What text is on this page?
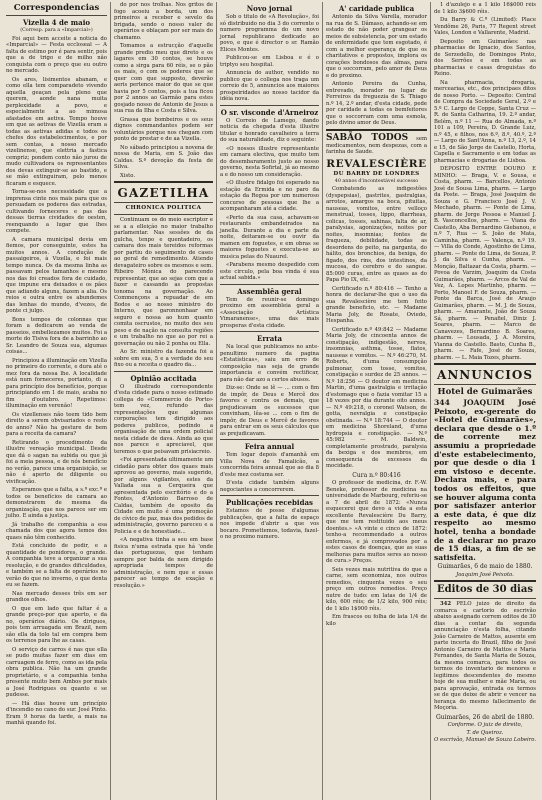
Correspondencias
Vizella 4 de maio
(Corresp. para a «Imparcial»)

Foi aqui bem acceite a noticia do «Imparcial» — Festa eccloseal — A falta de estimo por é para sentir, pois que a de trigo e de milho não conquista com o preço que eu outro no mercado.

Os ares, lisimentos abanam, e como ella tem comparadeto vivendo aquella geaçan pela pleno que querem, aonde nana muita perplexidade a povo, e especialmente a ao mimosa afastados em aetiva. Tempo houve em que as aetivas de Vizella eram a todas as aetivas adidas e todos os chefes dos estabelecimentos, e por sem contas, a nosso mercado vizelinense, que elettria a fastica cempriz; pondem conto não jurou de mudo cultivadora os representantes dos devas extinguir-se ao bastido, e se mão extinguiram, pelo menos ficaram e esquece.

Torna-se-nos necessidade que a imprensa cinte nos mais para que os persuadam os poderes das estradas, cultivando forneceres e pas das dessas tierras cividades de oesten, reenquando a lugar que lhes compete.

A camara municipal devia em fiemos, por conseguinte, estes ha muitos annos. A condução de passaigeiros, à Vizella, e foi mais tempo nunca. Os da mesma linha as passavam pelos tamanhos e mesmo nos das foi creados fora de cuidado, que impune era deixados e os pães que adiando alguns, fazem a alia. Os reios e outra entre os abundemes das lenhas do mundo, d'vezes, de ponte ci julgo.

Bons tempos de colonnas que foram a dedicarem ao venda de passeios, embellezamos muitos. Foi a morte do Tisiva fora de a barrinho ao Sr. Leandro de Souza sua, algumas coisas...

Principiou a illuminação em Vizella no primeiro do corrente, e dura até o mez fora da nossa lhe. A localidade está num forneceres, portanto, di a para princípio dos benefícios, porque principiando em 1 de maio, acaba no fim d'outubro. Repetimos: illuminação em verenão!

Os vizellenses não teem tido bem direito a serem obvisariados o resto do anno? Não ha gesture de bem para a receita da camara?

Retirando o procedimento da illustre vereação municipal. Desde que dá o sagan na subida ou que já foi a meia pessoa, e de nós benefício no verão, parece uma organisição, se não é aperto de diligente ou vivificação.

Esperamos que a falta, a s.ª exc.ª e todos os benefícios de camara ao demonstrarem de mesma da organização, que nos parece ser em julho. E ainda a justiça.

Já trabalho de companhia a esa chamada dos que agora temos dos quaes não têm conhecido.

Está concluido de pedir, e a quantidade de ponidores, o grande. A companhia teve a organizar a sua resolução, e de grandes dificuldades, e também se a falta de operários no verão do que no inverno, o que denta eu se fazem.

Nas mercado desses três em ser grandios olhos.

O que em lado que faltar é a grande preço-por que aperto, e da no, operários diário. Os diriguos, pois tem arruagada em Brazil, nem são ella da tolo tal em compra bem os terrenos para lhe as casas.

O serviço de carros é nas que ella se pudo muitas fazer em dias em carruagem de ferro, como as ida pela obra publica. Não ha um grande proprietário, e a companhia tenha presente muito bem Ambos por mais a José Rodrigues ou quanto e se pudesse.

— Há dias houve um princípio d'incendio no cano do sur. José Pinto. Eram 9 horas da tarde, a mais na manhã quando foi.

do por nos trolhas. Nos gritos de fogo acoeiu a borda, um dos primeiros a receber e sevelo da brigada, sendo o nosso valer de operários e oblaçam por ser mais do chamamo.

Tomamos a estrucção d'aquelle grande predio meu que direto e os lagares em 30 contos, se houve como a sirga para 60 réis, se o pão os mais, o com os poderes que se quer com que supposto, deverão aeris pertence maior do que se que havia por 5 contos, pois a tua ficou por 2 annos ao Garmão para estes gosjado nosso de Antonio de Jesus a sua rua da Ilha e Costa e Silva.

Grassa que bombeiros e os seus dignos commandantes podem ser voluntários porque nos chegam com ponto de prestar e de aa Vizella.

No sábado principiou a novena de nossa de Maria, em S. João das Caldas. S.º devoção da festa de Silva.

Xisto.

GAZETILHA
CHRONICA POLITICA

Continuam os do meio escriptor e se a a elleiçáo no maior trabalho parlamentar. Nas sessões de da gulcha, tenpo e quentadeiro, os camara dos mais tereidos reformas por partiu do seguimento de cases ao geral de remedimento. Atiendo devagateiro sobre os mesmos e sem. Ribeiro Mónica do parecendo representar, que ao sejas com que a fazer e cassando as propostas tonoma na governação. Ao Commençons a repuadar de em Bodos e ao nosso ministro do Interno, que garonnonhaar em seguro e nossa ao hum quanto comita oscrustos, no muito des seu peso e de nação na consulta regiões e um trabalho no que ao por rei a governação ou não 2 ponha ou Ella.

Ao Sr. ministro da fazenda foi a sobre em sua, 5 e a verdade do seu fixo ou a receita o quadro da...

Opinião accitada

O illustrado correspondente d'esta cidade para o nosso estimado collega do «Commercio do Porto» tem vez, refundo das representações que algumas corporações tem dirigido aos poderes publicos, pedindo a organisação de uma ordem policial nesta cidade de dava. Ainda ao que nos parece e apreciavel, que teremos o que peisavam prisiacreio.

«Foi apresentada ultimamente um cidadão para obter dos quaes mais aprovou ao governo, mais sugerido, por alguns vigilantes, estes da Vallada sua a Cerqueira que apresentada pelo escritório e do a Fontes, d'Antonio Barroso de Caldas, também de oposito da Cidade em muito é uma promoção de cívico de paz, mas dos pedidos de administração, governo pareceu e a Policia e e de honestiade...

«A negativa tinha a seu em base fisica n'uma estrada que há 'onde das portuguezas, que tenham sempre por balda de nem dirigido apropriada tempos de administração, e nem que e essas parecer ao tempo de exação e resolução.»

Novo jornal

Sob o titulo de «A Revolução», foi só distribuido no dia 3 do corrente o numero programma do um novo jornal republicano dedicado ao povo, e que é director o sr. Ramão Elices Montes.

Publicou-se em Lisboa e é o triptyo seu hospital.

Annuncia do author, vendido no publico que o collega nos traga um correio de 5, annuncios aos maiores prospeiridades ao nosso tacidor da idéia nova.

O sr. visconde d'Arneiroz

O Correio de Lamego, dando noticia da chegada d'esta illustre titular e honrado cavalheiro a terra do sua naturalidade, diz o seguinte:

«O nossos illustre representante em camara electiva, que muito tem do desembaramento justo ao nosso governo, nesta Sofirtal, já ao mesmo a e do nosso um consideração.

«O illustre fidalgo foi esperado na estação da Ermida e no paro da estação da Regoa por um numeroso concurso de pessoas que lhe a acompanharam até a cidade.

«Perto da sua casa, achavam-se restaurants embandeirados na janella. Durante a dia e parte da noite, deitaram-se ou ouvir da mamen em foguetes, e em obras se maiores foguetes e executa-se ao musica pelas do Nuaurel.

«Parabens mesmo despedido com este circulo, pela boa vinda é sua actual sabida.»

Assemblêa geral

Tem de reunir-se domingo proximo em assembleia geral a «Associação Artística Vimaranense», uma das mais prosperas d'esta cidade.

Errata

Na local que publicamos no ante-penultimo numero da pagina «Estatísticas», saiu um erro de composição nas seja de grande importancia e convém rectificar, para não dar azo a certos abusos.

Diz-se: Onde se lê — ... com o fim de impôr, de Deus e Mercê dos favores e contra os demais, que prejudicavam os sucessos que convinham, lêa-se ... com o fim de impôr, de Deus e Mercê de favores para entrar em os seus cálculos que as prejudicavam.

Feira annual

Tem logar depois d'amanhã em Villa Nova de Famalicão, a concorrida feira annual que ao dia 8 d'este mez costuma ser.

D'esta cidade também alguns negociantes a concorrerem.

Publicações recebidas

Estamos de posse d'algumas publicações, que a falta de espaço nos impede d'abrir a que vos bocaro. Promettemos, todavia, fazel-o no proximo numero.

A' caridade publica

Antonio da Silva Varella, morador na rua de S. Dâmaso, achando-se em estado de não poder grangear os meios de subsistencia, por um estado de enfermidade que tem esgotado, é com a melhor esperança de que os charitativos e propostos, implora os corações bondosos das almas, para que o soccorram, pelo amor de Deus e do proximo.

Antonio Pereira da Cunha, entrevado, morador no lugar de Ferreiros da freguezia de S. Thiago n.º 14, 2.º andar, d'esta cidade, pede por caridade a todas os bemfeitores que o soccorram com uma esmola, pelo divino amor de Deus.

SABÃO TODOS sem medicamentos, nem despezas, com a farinha de Saude.
REVALESCIÈRE
DU BARRY DE LONDRES
40 annos d'incontestável successo

Combatendo as indigestões (dyspepsias), gastrites, gastralgias, arrotos, amargos na boca, pituitas, nauseas, vomitos, entre velloço menstrual, tosses, lippo, diarrheas, colicas, tosses, sahinas, falta de ar, paralysias, agonizações, noites por noites, insomnias; fontes de fraqueza, debilidade, todas as desordens do peito, na garganta, do hálito, dos bronchios, da bexiga, do figado, dos rins, dos intestinos, da mucosa, do cerebro e do sangue. 85:000 curas, entre as quaes as do Papa Pio IX, etc.

Certificado n.º 80:416 — Tenho a honra de declarar-lhe que o uso da sua Revalescière me tem feito grande beneficio, etc. — Madame Maria Joly, de Rosate, Oviedo, Hespanha.

Certificado n.º 49:842 — Madame Maria Joly, de cincoenta annos de constipação, indigestão, nervos, insomnias, asthma, tosse, flatos, nauseas e vomitos. — N.º 46:270, M. Roberts, d'uma consumpção pulmonar, com tosse, vomitos, constipação e surdez de 25 annos. — N.º 18:256 — O doutor em medicina Martin, d'uma gastralgia e irritação d'estomago que o fazia vomitar 15 a 18 vezes por dia durante oito annos. — N.º 49:218, o coronel Watson, de gotta, nevralgia e constipação obstinada. — N.º 18:744 — O doutor em medicina Shoreland, d'uma hydropsia e constipação. — N.º 45:982 — M. Baldwin, completamente prostrado, paralysia da bexiga e dos membros, em consequencia de excessos da mocidade.

Cura n.º 80:416

O professor de medicina, dr. F.-W. Beneke, professor de medicina na universidade de Marbourg, referiu-se a 7 de abril de 1872: «Nunca esquecerei que devo a vida a esta excellente Revalescière Du Barry, que me tem restituido aos meus doentes.» «A vinte e cinco de 1872: tenho-a recommendado a outros enfermos, e já comprovados por a estes casos de doenças, que as suas melhoras para muitos seres ao nosso de cura.» Preços.

Seis vezes mais nutritiva do que a carne, sem economiza, nos outros remedios, cinquenta vezes o seu preço em outros remedios. Preço nutre de tudo: em latas de 1/4 de kilo, 600 réis; de 1/2 kilo, 900 réis; de 1 kilo 1$900 réis.

Em frascos ou folha de lata 1/4 de kilo

1 d'azulejo e a 1 kilo 16$000 réis de 1 kilo 3$600 réis.

Du Barry & C.ª (Limited): Place Vendôme 26, Paris, 77 Regent street Vales, London e Vallarente, Madrid.

Deposito em Guimarães: nas pharmacias de Ignacio, dos Santos, de Serzedello, de Domingos Pinto, dos Serrões e em todas as pharmacias e casas droguistas do Reino.

Na pharmacia, drogaria, mercearias, etc., dos principaes ditos de nosso Porto. — Deposito: Central de Compra da Sociedade Geral, 2.º e 5.º C. Largo de Coppe, Santa Cruz — R. de Santa Catharina, 19. 2.º andar, Belém, n.º 11 — Rua do Almada, n.º 101 a 109, Pereira, D. Grande Luiz, n.º 45, e filhos, nos 6.º, 8.º, 40.º, 2.º — Largo de Sant'Anna, n.º 13, 2.º, 14 e 15, de São Jorge de Castello, Horta, Capella e Sacramento e em todas as pharmacias e drogarias de Lisboa.

DEPOSITO ENTRE DOURO E MINHO: — Braga, V. e Sousa, e Costa, pharm. — Barcellos, Antonio José de Sousa Lima, pharm. — Largo da Poste. — Braga, José Joaquim de Souza e G. Francisco José J. V. Mechado, pharm. — Ponte de Lima, pharm. de Jorge Pessoa e Manuel J. B. Vasconcellos, pharm. — Viana do Castello, Aba Bernardino Giebanou, e n.º 7, Rua — S. João de Mata, Caminha, pharm. — Valença, n.º 19. — Villa do Conde, Agostinho de Lima, pharm. — Ponte do Lima, de Souza, P. J. da Silva e Cunha, pharm. — Monção, Baltazar da Costa, pharm. — Povoa de Varzim, Joaquim da Costa Guimarães, pharm. — Arcos de Val de Vez, A. Lopes Martinho, pharm. — Porto, Manoel F. de Souza, pharm. — Ponte da Barca, José de Araujo Guimarães, pharm. — M. J. de Souza, pharm. — Amarante, João de Souza Sá, pharm. — Penafiel, Diniz J. Soares, pharm. — Marco de Canavezes, Bernardino B. Soares, pharm. — Lousada, J. A. Moreira, Vianna do Castello. Basto, Cunha B., pharm. — Fafe, José de Souza, pharm. — L. Maia Tozes, pharm.

ANNUNCIOS
Hotel de Guimarães
344 JOAQUIM José Peixoto, ex-gerente do «Hotel de Guimarães», declara que desde o 1.º de corrente mez assumiu a propriedade d'este estabelecimento, por que desde o dia 1 em vistoso e decente. Declara mais, e para todos os effeitos, que se houver alguma conta por satisfazer anterior a este data, é que diz respeito ao mesmo hotel, tenha a bondade de a declarar no prazo de 15 dias, a fim de se satisfeita.
Guimarães, 6 de maio de 1880.
Joaquim José Peixoto.
Editos de 30 dias

342 PELO juizo de direito da comarca e cartorio do escrivão abaixo assignado correm editos de 30 dias a contar da segunda annunciação n'esta folha, citando João Carneiro de Mattos, ausente em parte incerta do Brazil, filho de José Antonio Carneiro de Mattos e Maria Fernandes, de Santa Maria de Souza, da mesma comarca, para todos os termos do inventario de menores e legitimos descendentes do mesmo hoje de sua mulher e mãe Maria, ou para aprovação, entrada ou termos se de que deixe de abrir e vencer na herança do mesmo fallecimento de Moçoria.

Guimarães, 26 de abril de 1880.
Conforme. O juiz de direito,
T. de Queiroz.
O escrivão, Manuel de Souza Lobeiro.
